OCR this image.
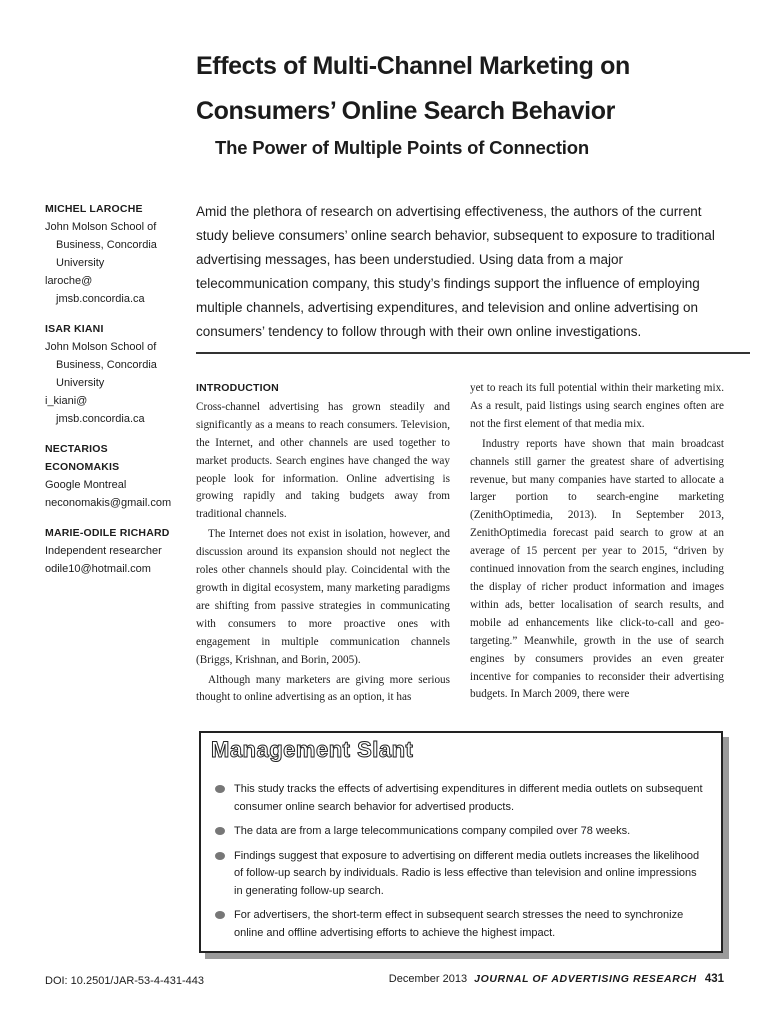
Effects of Multi-Channel Marketing on
Consumers’ Online Search Behavior
The Power of Multiple Points of Connection
MICHEL LAROCHE
John Molson School of
Business, Concordia
University
laroche@
jmsb.concordia.ca
ISAR KIANI
John Molson School of
Business, Concordia
University
i_kiani@
jmsb.concordia.ca
NECTARIOS
ECONOMAKIS
Google Montreal
neconomakis@gmail.com
MARIE-ODILE RICHARD
Independent researcher
odile10@hotmail.com
Amid the plethora of research on advertising effectiveness, the authors of the current study believe consumers’ online search behavior, subsequent to exposure to traditional advertising messages, has been understudied. Using data from a major telecommunication company, this study’s findings support the influence of employing multiple channels, advertising expenditures, and television and online advertising on consumers’ tendency to follow through with their own online investigations.
INTRODUCTION

Cross-channel advertising has grown steadily and significantly as a means to reach consumers. Television, the Internet, and other channels are used together to market products. Search engines have changed the way people look for information. Online advertising is growing rapidly and taking budgets away from traditional channels.

The Internet does not exist in isolation, however, and discussion around its expansion should not neglect the roles other channels should play. Coincidental with the growth in digital ecosystem, many marketing paradigms are shifting from passive strategies in communicating with consumers to more proactive ones with engagement in multiple communication channels (Briggs, Krishnan, and Borin, 2005).

Although many marketers are giving more serious thought to online advertising as an option, it has

yet to reach its full potential within their marketing mix. As a result, paid listings using search engines often are not the first element of that media mix.

Industry reports have shown that main broadcast channels still garner the greatest share of advertising revenue, but many companies have started to allocate a larger portion to search-engine marketing (ZenithOptimedia, 2013). In September 2013, ZenithOptimedia forecast paid search to grow at an average of 15 percent per year to 2015, “driven by continued innovation from the search engines, including the display of richer product information and images within ads, better localisation of search results, and mobile ad enhancements like click-to-call and geo-targeting.” Meanwhile, growth in the use of search engines by consumers provides an even greater incentive for companies to reconsider their advertising budgets. In March 2009, there were

Management Slant
This study tracks the effects of advertising expenditures in different media outlets on subsequent consumer online search behavior for advertised products.
The data are from a large telecommunications company compiled over 78 weeks.
Findings suggest that exposure to advertising on different media outlets increases the likelihood of follow-up search by individuals. Radio is less effective than television and online impressions in generating follow-up search.
For advertisers, the short-term effect in subsequent search stresses the need to synchronize online and offline advertising efforts to achieve the highest impact.
DOI: 10.2501/JAR-53-4-431-443	December 2013 JOURNAL OF ADVERTISING RESEARCH 431
